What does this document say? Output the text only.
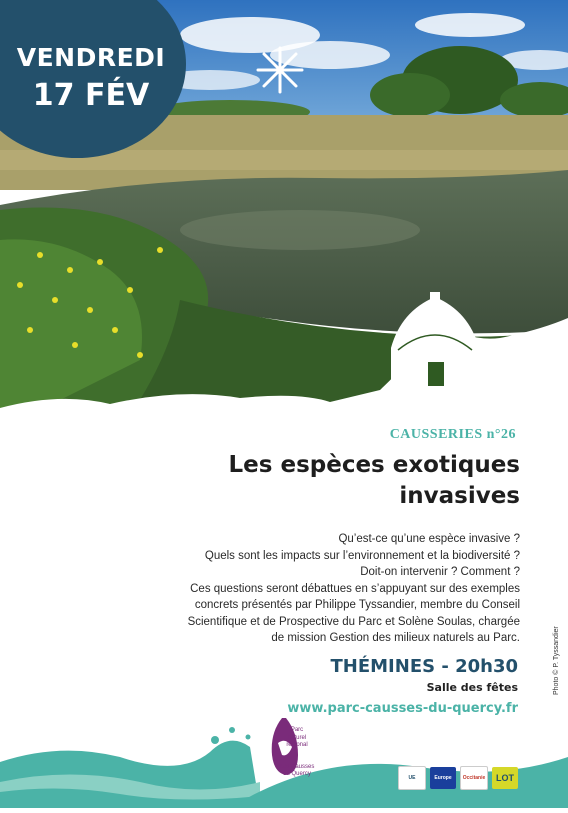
VENDREDI
17 FÉV
CAUSSERIES n°26
Les espèces exotiques
invasives

Qu’est-ce qu’une espèce invasive ?

Quels sont les impacts sur l’environnement et la biodiversité ?

Doit-on intervenir ? Comment ?

Ces questions seront débattues en s’appuyant sur des exemples

concrets présentés par Philippe Tyssandier, membre du Conseil

Scientifique et de Prospective du Parc et Solène Soulas, chargée

de mission Gestion des milieux naturels au Parc.	Photo © P. Tyssandier
THÉMINES - 20h30
Salle des fêtes
www.parc-causses-du-quercy.fr
Parc
naturel
régional
des Causses
du Quercy
UE	Europe	Occitanie	LOT
